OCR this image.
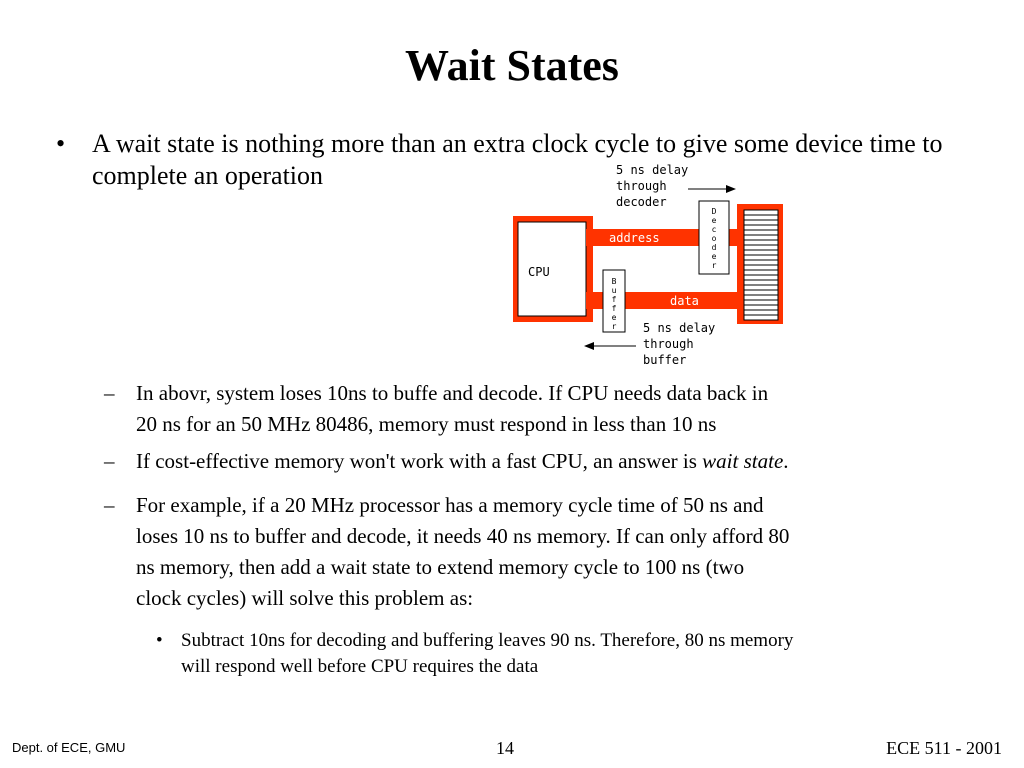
Wait States
• A wait state is nothing more than an extra clock cycle to give some device time to complete an operation
CPU
address
data
D
e
c
o
d
e
r
B
u
f
f
e
r
5 ns delay
through
decoder
5 ns delay
through
buffer
– In abovr, system loses 10ns to buffe and decode. If CPU needs data back in
20 ns for an 50 MHz 80486, memory must respond in less than 10 ns
– If cost-effective memory won't work with a fast CPU, an answer is wait state.
– For example, if a 20 MHz processor has a memory cycle time of 50 ns and
loses 10 ns to buffer and decode, it needs 40 ns memory. If can only afford 80
ns memory, then add a wait state to extend memory cycle to 100 ns (two
clock cycles) will solve this problem as:
• Subtract 10ns for decoding and buffering leaves 90 ns. Therefore, 80 ns memory
will respond well before CPU requires the data
Dept. of ECE, GMU	14	ECE 511 - 2001
